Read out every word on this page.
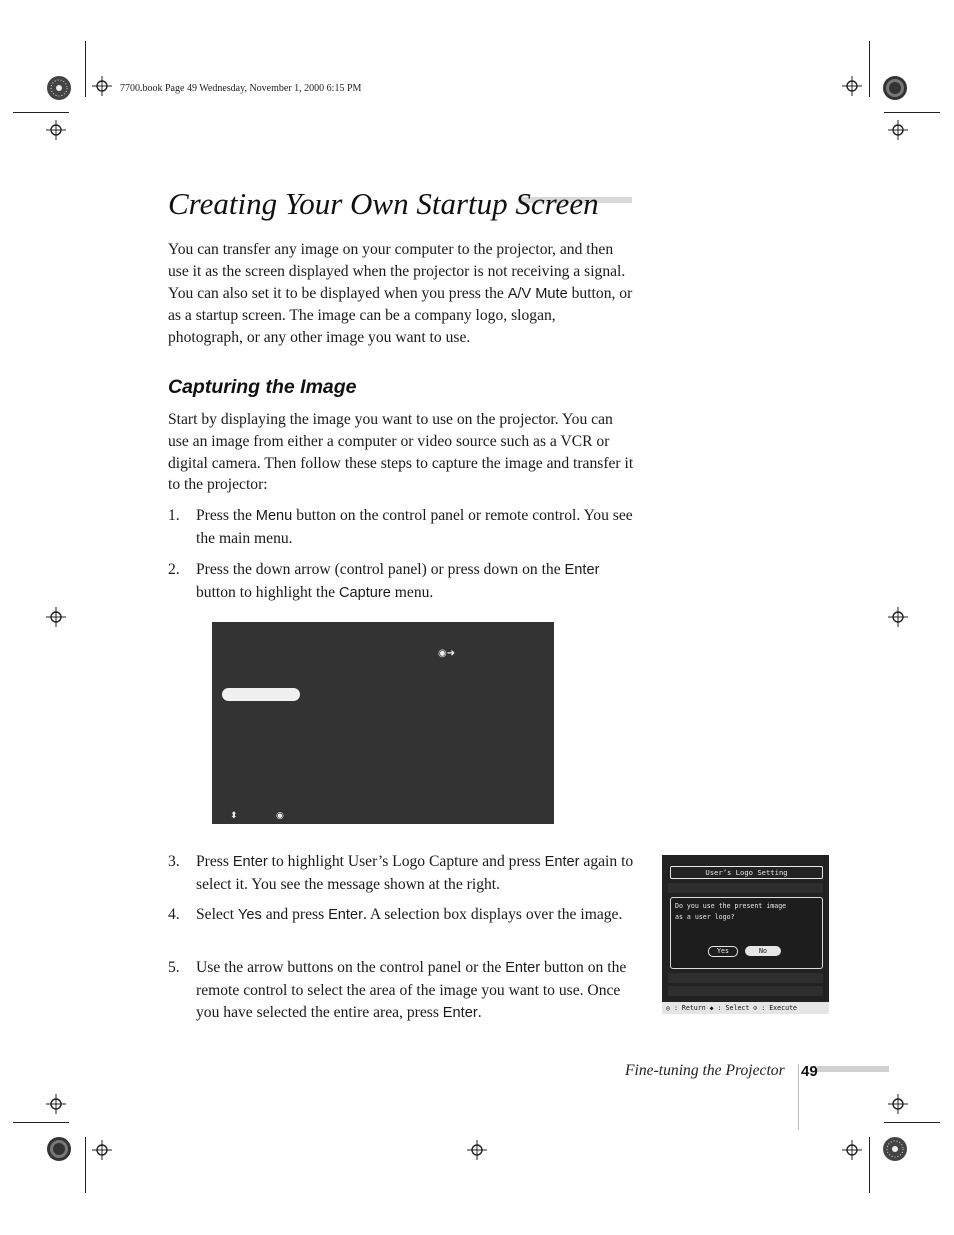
7700.book Page 49 Wednesday, November 1, 2000 6:15 PM
Creating Your Own Startup Screen
You can transfer any image on your computer to the projector, and then use it as the screen displayed when the projector is not receiving a signal. You can also set it to be displayed when you press the A/V Mute button, or as a startup screen. The image can be a company logo, slogan, photograph, or any other image you want to use.
Capturing the Image
Start by displaying the image you want to use on the projector. You can use an image from either a computer or video source such as a VCR or digital camera. Then follow these steps to capture the image and transfer it to the projector:
1. Press the Menu button on the control panel or remote control. You see the main menu.
2. Press the down arrow (control panel) or press down on the Enter button to highlight the Capture menu.
◉➜
⬍	◉
3. Press Enter to highlight User’s Logo Capture and press Enter again to select it. You see the message shown at the right.
4. Select Yes and press Enter. A selection box displays over the image.
5. Use the arrow buttons on the control panel or the Enter button on the remote control to select the area of the image you want to use. Once you have selected the entire area, press Enter.
User’s Logo Setting
Do you use the present image
as a user logo?
Yes	No
◎ : Return ◆ : Select ⊙ : Execute
Fine-tuning the Projector 49
